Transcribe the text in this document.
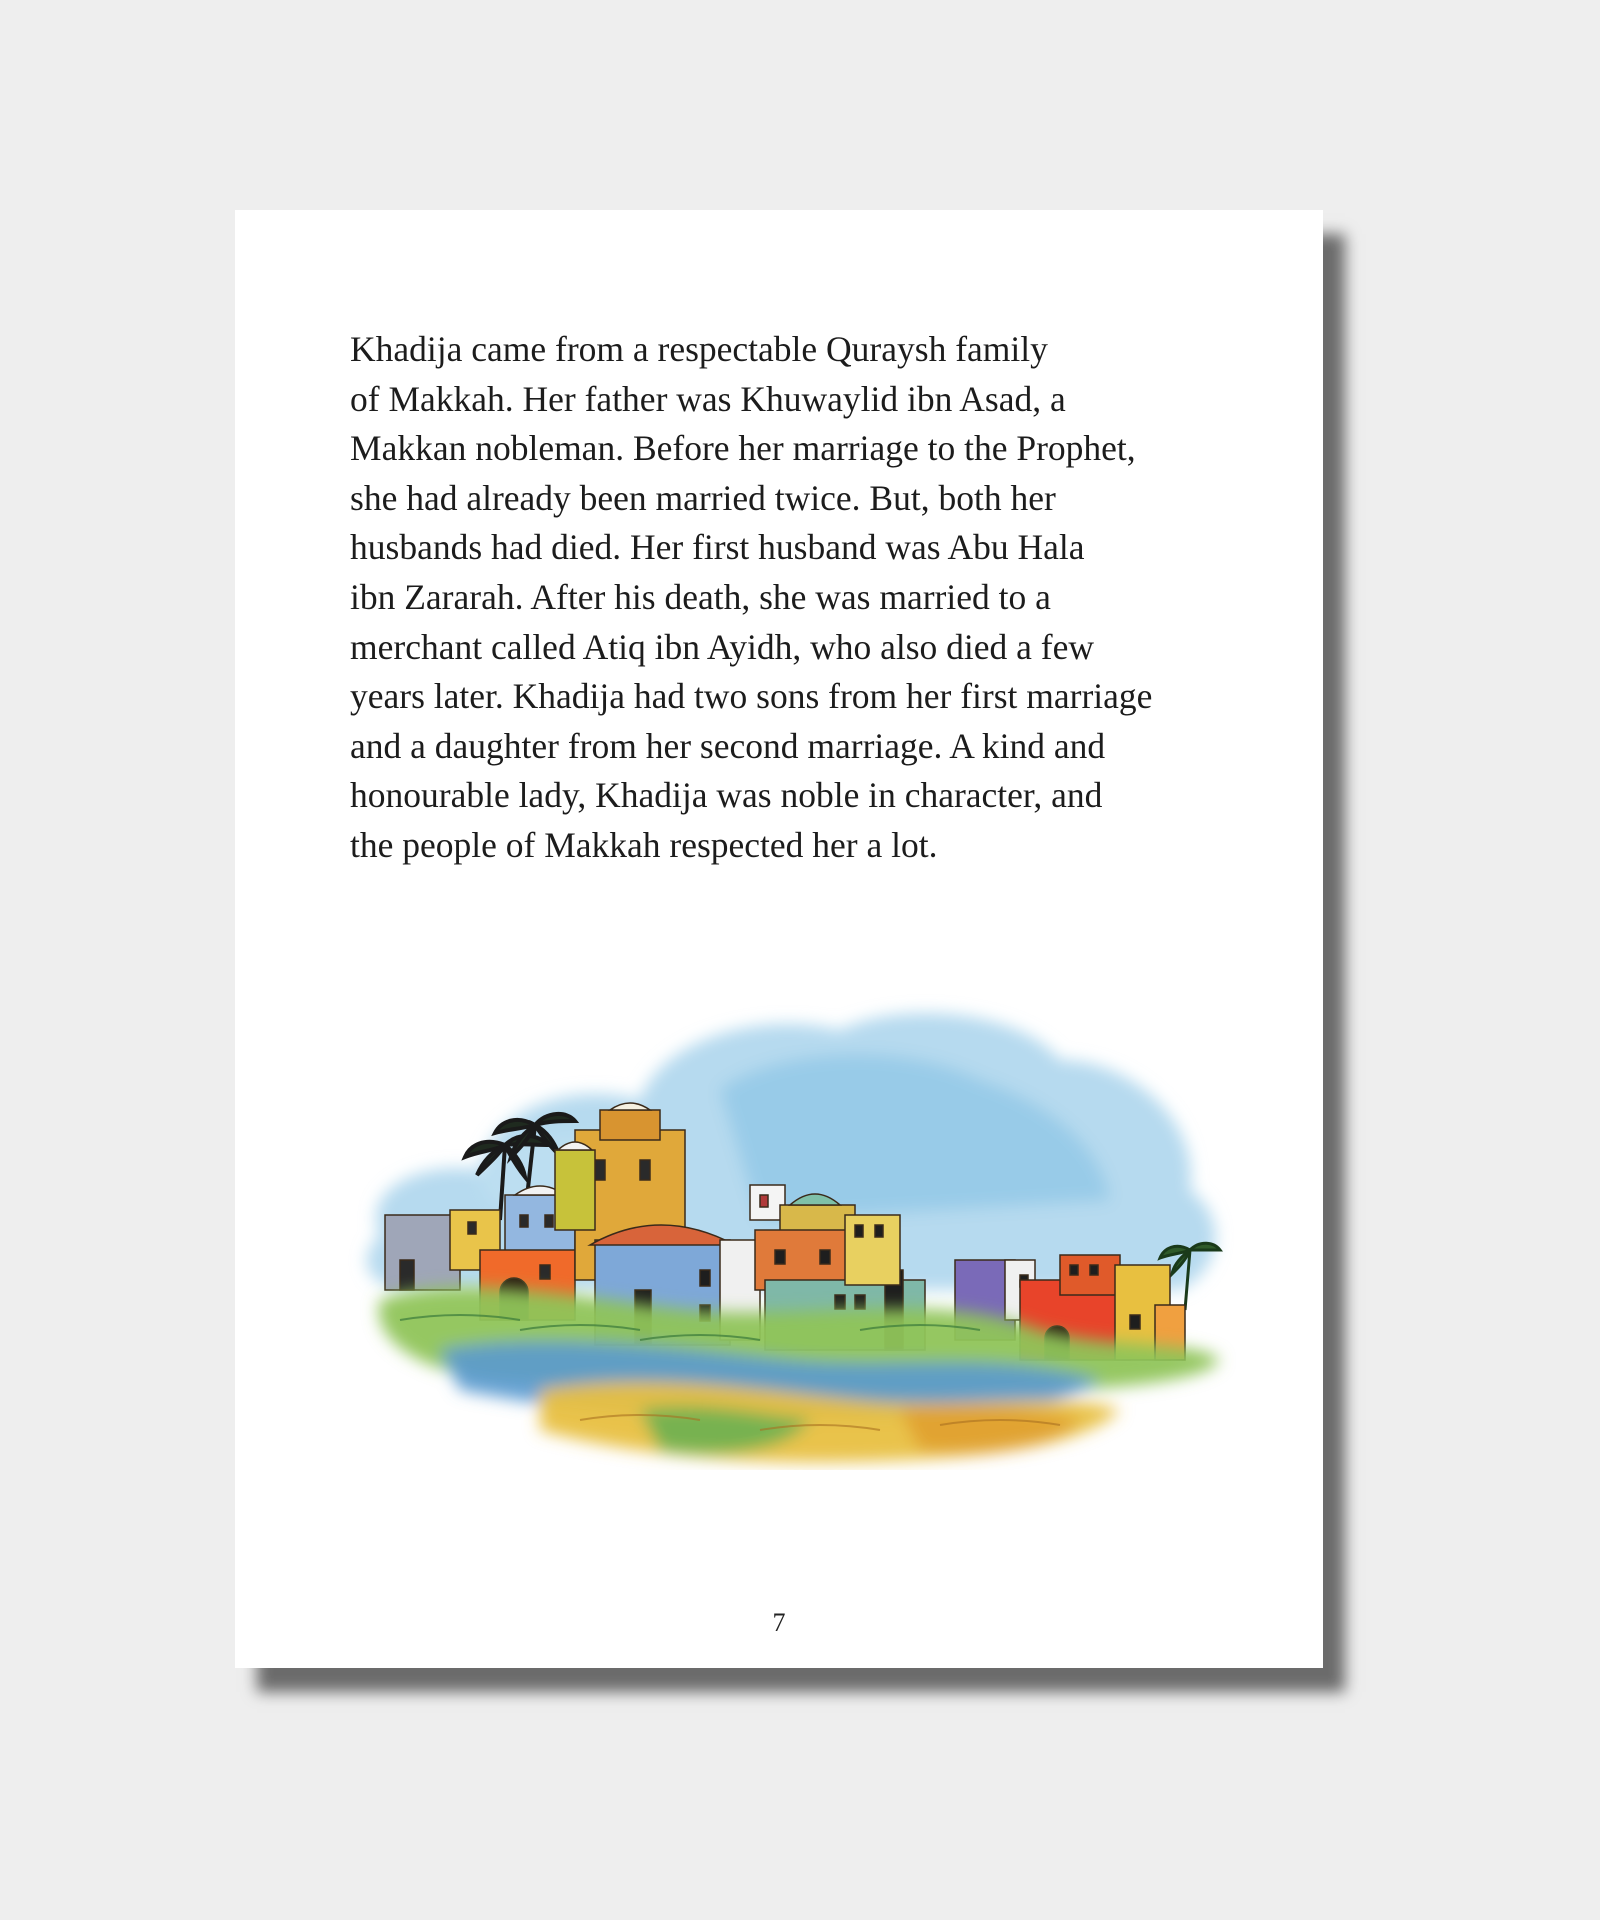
Khadija came from a respectable Quraysh family
of Makkah. Her father was Khuwaylid ibn Asad, a
Makkan nobleman. Before her marriage to the Prophet,
she had already been married twice. But, both her
husbands had died. Her first husband was Abu Hala
ibn Zararah. After his death, she was married to a
merchant called Atiq ibn Ayidh, who also died a few
years later. Khadija had two sons from her first marriage
and a daughter from her second marriage. A kind and
honourable lady, Khadija was noble in character, and
the people of Makkah respected her a lot.

7
